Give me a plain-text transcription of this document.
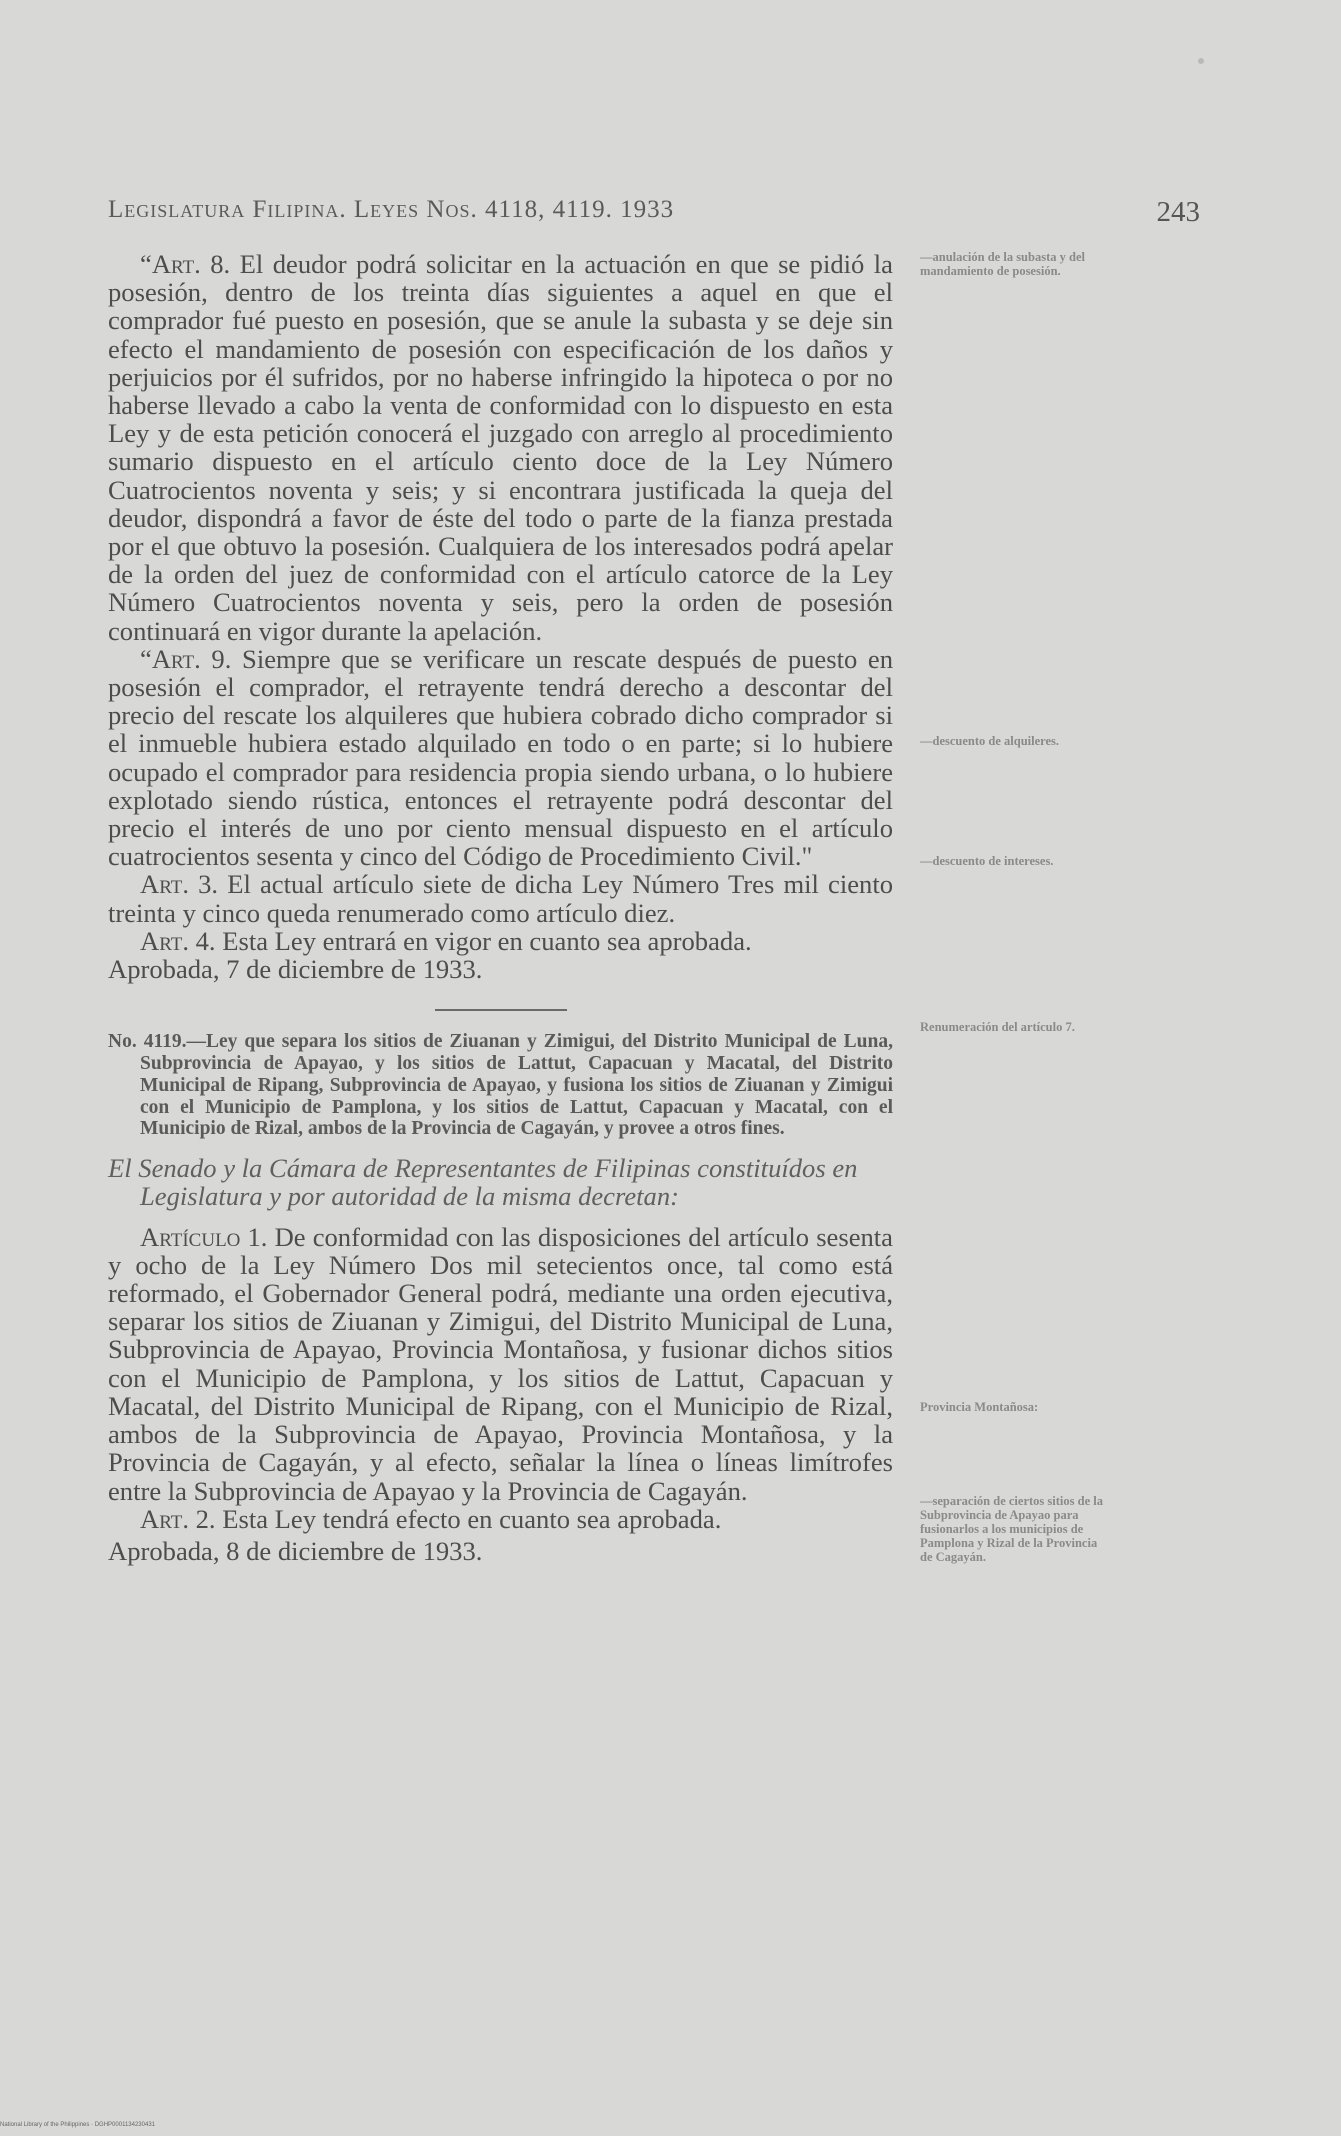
Legislatura Filipina. Leyes Nos. 4118, 4119. 1933	243

“Art. 8. El deudor podrá solicitar en la actuación en que se pidió la posesión, dentro de los treinta días siguientes a aquel en que el comprador fué puesto en posesión, que se anule la subasta y se deje sin efecto el mandamiento de posesión con especificación de los daños y perjuicios por él sufridos, por no haberse infringido la hipoteca o por no haberse llevado a cabo la venta de conformidad con lo dispuesto en esta Ley y de esta petición conocerá el juzgado con arreglo al procedimiento sumario dispuesto en el artículo ciento doce de la Ley Número Cuatrocientos noventa y seis; y si encontrara justificada la queja del deudor, dispondrá a favor de éste del todo o parte de la fianza prestada por el que obtuvo la posesión. Cualquiera de los interesados podrá apelar de la orden del juez de conformidad con el artículo catorce de la Ley Número Cuatrocientos noventa y seis, pero la orden de posesión continuará en vigor durante la apelación.

“Art. 9. Siempre que se verificare un rescate después de puesto en posesión el comprador, el retrayente tendrá derecho a descontar del precio del rescate los alquileres que hubiera cobrado dicho comprador si el inmueble hubiera estado alquilado en todo o en parte; si lo hubiere ocupado el comprador para residencia propia siendo urbana, o lo hubiere explotado siendo rústica, entonces el retrayente podrá descontar del precio el interés de uno por ciento mensual dispuesto en el artículo cuatrocientos sesenta y cinco del Código de Procedimiento Civil."

Art. 3. El actual artículo siete de dicha Ley Número Tres mil ciento treinta y cinco queda renumerado como artículo diez.

Art. 4. Esta Ley entrará en vigor en cuanto sea aprobada.

Aprobada, 7 de diciembre de 1933.

No. 4119.—Ley que separa los sitios de Ziuanan y Zimigui, del Distrito Municipal de Luna, Subprovincia de Apayao, y los sitios de Lattut, Capacuan y Macatal, del Distrito Municipal de Ripang, Subprovincia de Apayao, y fusiona los sitios de Ziuanan y Zimigui con el Municipio de Pamplona, y los sitios de Lattut, Capacuan y Macatal, con el Municipio de Rizal, ambos de la Provincia de Cagayán, y provee a otros fines.
El Senado y la Cámara de Representantes de Filipinas constituídos en Legislatura y por autoridad de la misma decretan:

Artículo 1. De conformidad con las disposiciones del artículo sesenta y ocho de la Ley Número Dos mil setecientos once, tal como está reformado, el Gobernador General podrá, mediante una orden ejecutiva, separar los sitios de Ziuanan y Zimigui, del Distrito Municipal de Luna, Subprovincia de Apayao, Provincia Montañosa, y fusionar dichos sitios con el Municipio de Pamplona, y los sitios de Lattut, Capacuan y Macatal, del Distrito Municipal de Ripang, con el Municipio de Rizal, ambos de la Subprovincia de Apayao, Provincia Montañosa, y la Provincia de Cagayán, y al efecto, señalar la línea o líneas limítrofes entre la Subprovincia de Apayao y la Provincia de Cagayán.

Art. 2. Esta Ley tendrá efecto en cuanto sea aprobada.

Aprobada, 8 de diciembre de 1933.

—anulación de la subasta y del mandamiento de posesión.
—descuento de alquileres.
—descuento de intereses.
Renumeración del artículo 7.
Provincia Montañosa:
—separación de ciertos sitios de la Subprovincia de Apayao para fusionarlos a los municipios de Pamplona y Rizal de la Provincia de Cagayán.
National Library of the Philippines · DGHP0001134230431
